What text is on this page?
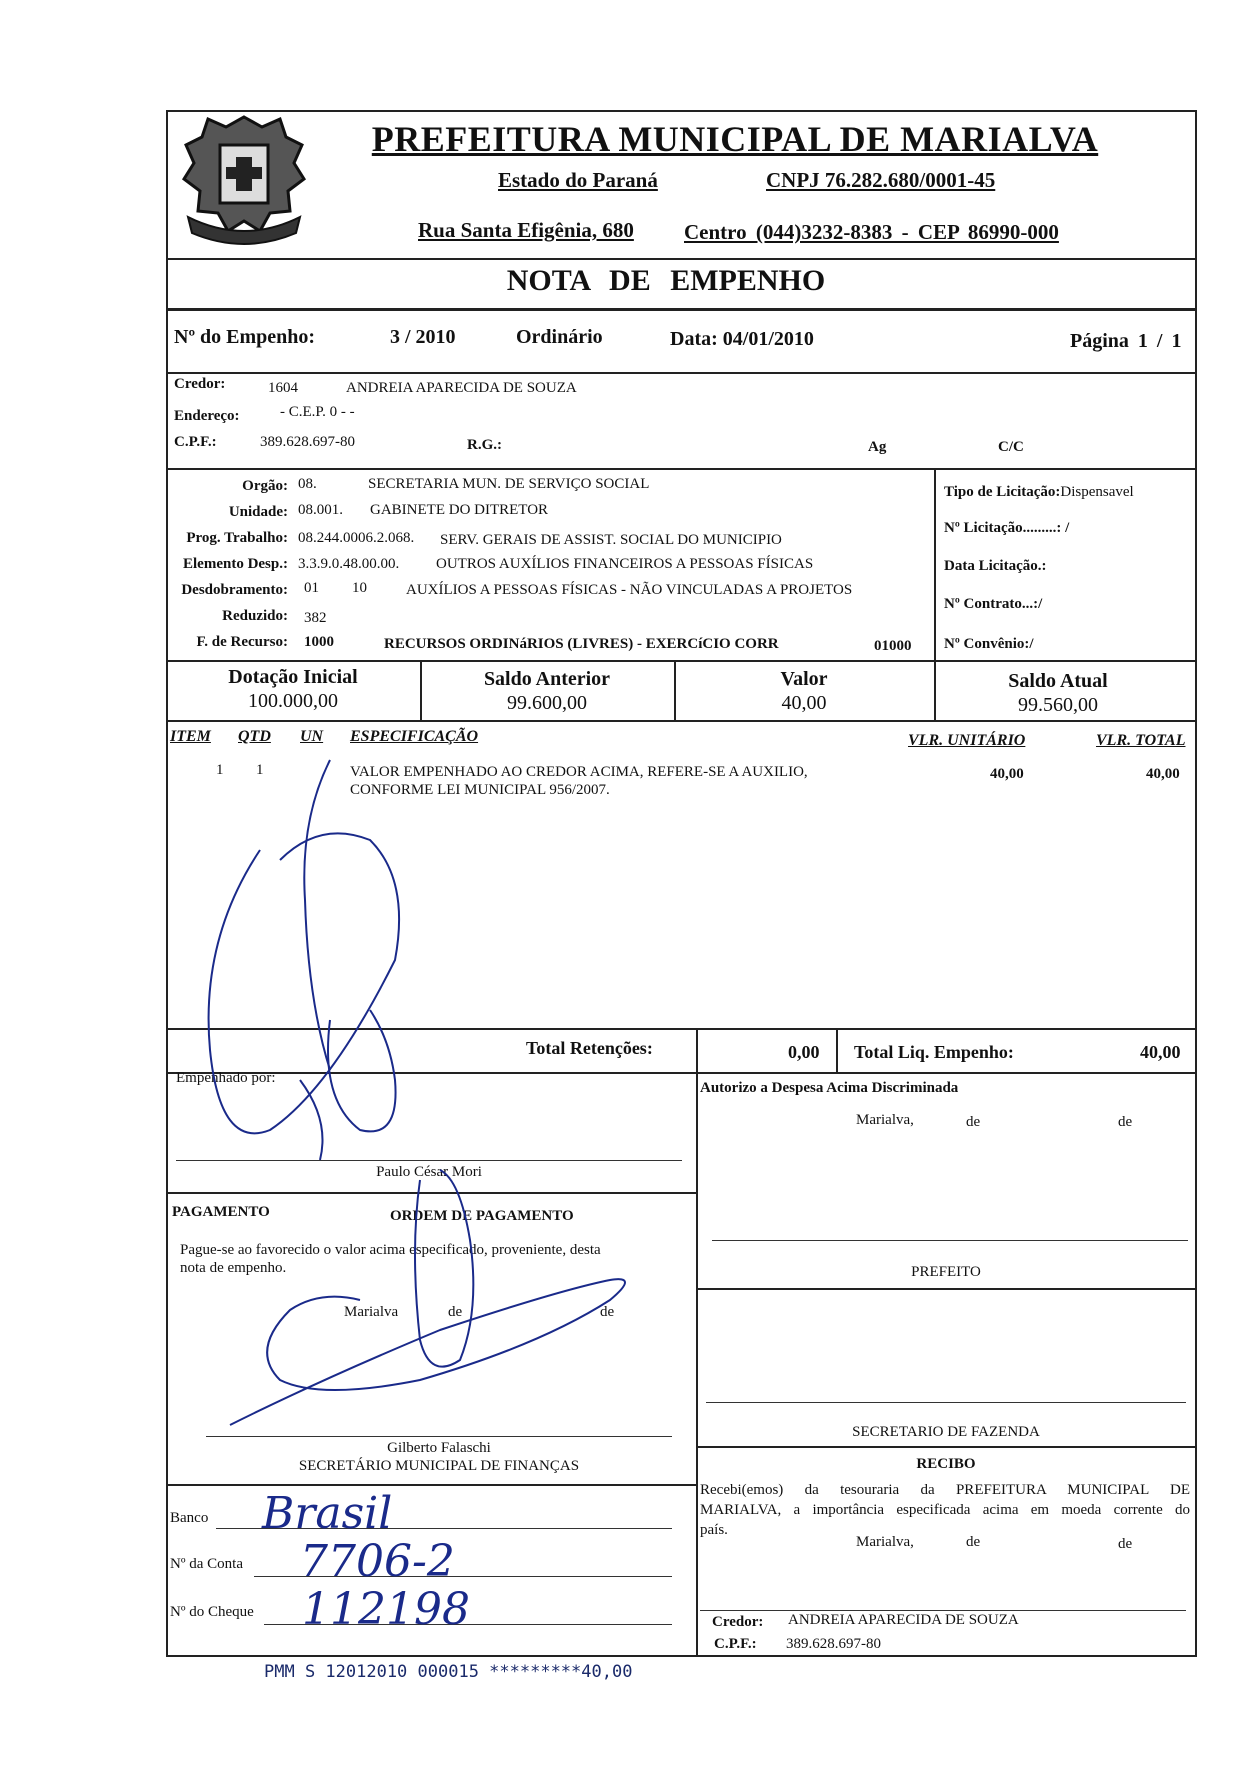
PREFEITURA MUNICIPAL DE MARIALVA
Estado do Paraná	CNPJ 76.282.680/0001-45
Rua Santa Efigênia, 680 Centro (044)3232-8383 - CEP 86990-000
NOTA DE EMPENHO
Nº do Empenho:	3 / 2010	Ordinário	Data: 04/01/2010	Página 1 / 1
Credor:	1604	ANDREIA APARECIDA DE SOUZA
Endereço:	- C.E.P. 0 - -
C.P.F.:	389.628.697-80	R.G.:	Ag	C/C
Orgão: 08.	SECRETARIA MUN. DE SERVIÇO SOCIAL
Unidade: 08.001. GABINETE DO DITRETOR
Prog. Trabalho: 08.244.0006.2.068. SERV. GERAIS DE ASSIST. SOCIAL DO MUNICIPIO
Elemento Desp.: 3.3.9.0.48.00.00. OUTROS AUXÍLIOS FINANCEIROS A PESSOAS FÍSICAS
Desdobramento: 01 10	AUXÍLIOS A PESSOAS FÍSICAS - NÃO VINCULADAS A PROJETOS
Reduzido: 382
F. de Recurso: 1000	RECURSOS ORDINáRIOS (LIVRES) - EXERCíCIO CORR	01000
Tipo de Licitação:Dispensavel
Nº Licitação.........: /
Data Licitação.:
Nº Contrato...:/
Nº Convênio:/
Dotação Inicial
100.000,00
Saldo Anterior
99.600,00
Valor
40,00
Saldo Atual
99.560,00
ITEM QTD UN ESPECIFICAÇÃO	VLR. UNITÁRIO	VLR. TOTAL
1 1	VALOR EMPENHADO AO CREDOR ACIMA, REFERE-SE A AUXILIO,
CONFORME LEI MUNICIPAL 956/2007.
40,00	40,00
Total Retenções:	0,00 Total Liq. Empenho:	40,00
Empenhado por:
Paulo César Mori
PAGAMENTO	ORDEM DE PAGAMENTO
Pague-se ao favorecido o valor acima especificado, proveniente, desta
nota de empenho.
Marialva	de	de
Gilberto Falaschi
SECRETÁRIO MUNICIPAL DE FINANÇAS
Banco Brasil
Nº da Conta 7706-2
Nº do Cheque 112198
Autorizo a Despesa Acima Discriminada
Marialva,	de	de
PREFEITO
SECRETARIO DE FAZENDA
RECIBO
Recebi(emos) da tesouraria da PREFEITURA MUNICIPAL DE
MARIALVA, a importância especificada acima em moeda corrente do
país.
Marialva,	de	de
Credor: ANDREIA APARECIDA DE SOUZA
C.P.F.: 389.628.697-80
PMM S 12012010 000015 *********40,00
